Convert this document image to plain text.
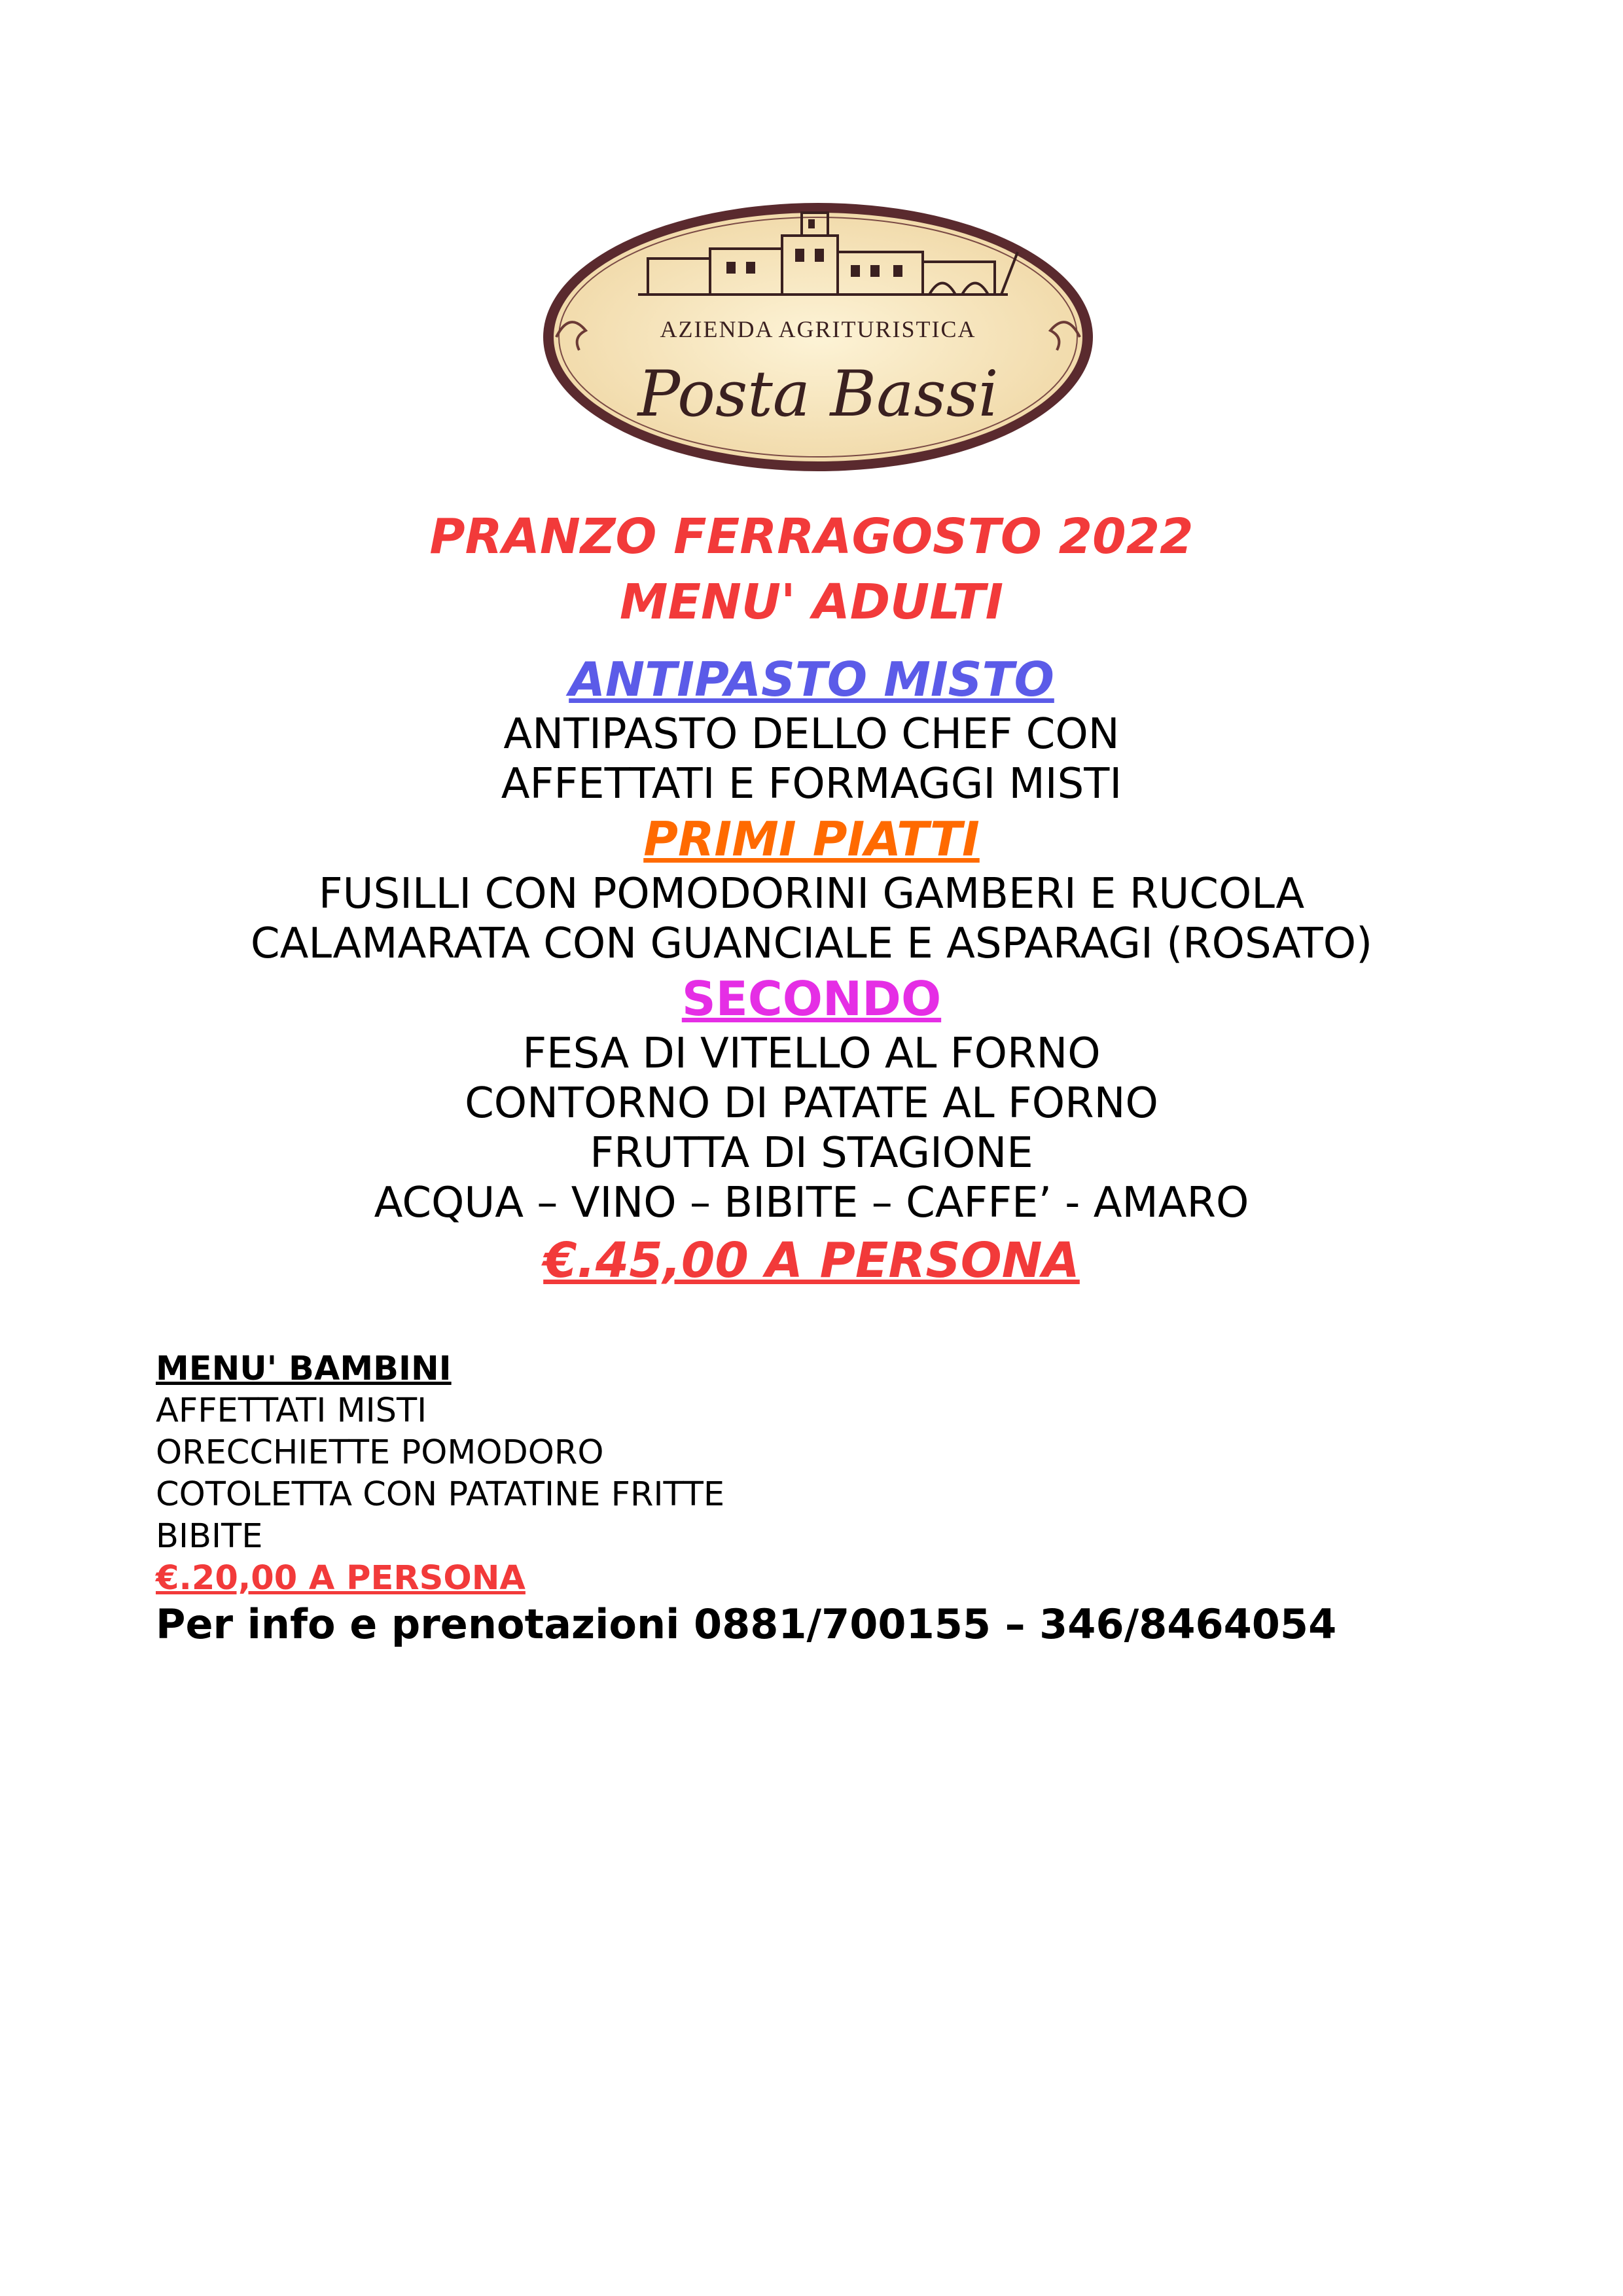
AZIENDA AGRITURISTICA
Posta Bassi
PRANZO FERRAGOSTO 2022
MENU' ADULTI
ANTIPASTO MISTO
ANTIPASTO DELLO CHEF CON
AFFETTATI E FORMAGGI MISTI
PRIMI PIATTI
FUSILLI CON POMODORINI GAMBERI E RUCOLA
CALAMARATA CON GUANCIALE E ASPARAGI (ROSATO)
SECONDO
FESA DI VITELLO AL FORNO
CONTORNO DI PATATE AL FORNO
FRUTTA DI STAGIONE
ACQUA – VINO – BIBITE – CAFFE’ - AMARO
€.45,00 A PERSONA
MENU' BAMBINI
AFFETTATI MISTI
ORECCHIETTE POMODORO
COTOLETTA CON PATATINE FRITTE
BIBITE
€.20,00 A PERSONA
Per info e prenotazioni 0881/700155 – 346/8464054
